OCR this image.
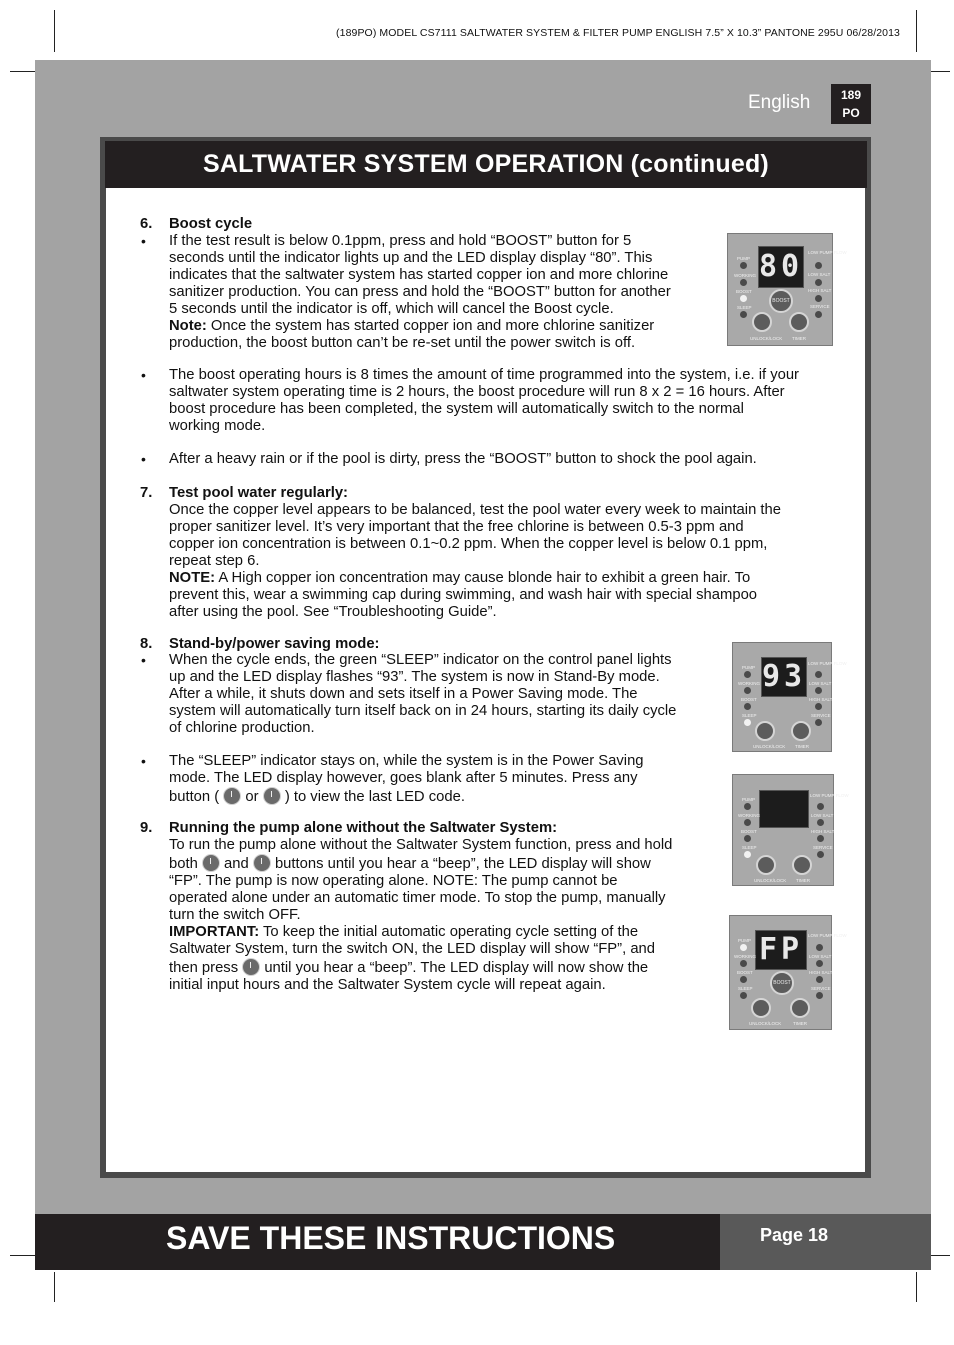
(189PO) MODEL CS7111 SALTWATER SYSTEM & FILTER PUMP ENGLISH 7.5” X 10.3” PANTONE 295U 06/28/2013
English	189
PO
SALTWATER SYSTEM OPERATION (continued)
6. Boost cycle
• If the test result is below 0.1ppm, press and hold “BOOST” button for 5
seconds until the indicator lights up and the LED display display “80”. This
indicates that the saltwater system has started copper ion and more chlorine
sanitizer production. You can press and hold the “BOOST” button for another
5 seconds until the indicator is off, which will cancel the Boost cycle.
Note: Once the system has started copper ion and more chlorine sanitizer
production, the boost button can’t be re-set until the power switch is off.
• The boost operating hours is 8 times the amount of time programmed into the system, i.e. if your
saltwater system operating time is 2 hours, the boost procedure will run 8 x 2 = 16 hours. After
boost procedure has been completed, the system will automatically switch to the normal
working mode.
• After a heavy rain or if the pool is dirty, press the “BOOST” button to shock the pool again.
7. Test pool water regularly:
Once the copper level appears to be balanced, test the pool water every week to maintain the
proper sanitizer level. It’s very important that the free chlorine is between 0.5-3 ppm and
copper ion concentration is between 0.1~0.2 ppm. When the copper level is below 0.1 ppm,
repeat step 6.
NOTE: A High copper ion concentration may cause blonde hair to exhibit a green hair. To
prevent this, wear a swimming cap during swimming, and wash hair with special shampoo
after using the pool. See “Troubleshooting Guide”.
8. Stand-by/power saving mode:
• When the cycle ends, the green “SLEEP” indicator on the control panel lights
up and the LED display flashes “93”. The system is now in Stand-By mode.
After a while, it shuts down and sets itself in a Power Saving mode. The
system will automatically turn itself back on in 24 hours, starting its daily cycle
of chlorine production.
• The “SLEEP” indicator stays on, while the system is in the Power Saving
mode. The LED display however, goes blank after 5 minutes. Press any
button (  or  ) to view the last LED code.
9. Running the pump alone without the Saltwater System:
To run the pump alone without the Saltwater System function, press and hold
both  and  buttons until you hear a “beep”, the LED display will show
“FP”. The pump is now operating alone. NOTE: The pump cannot be
operated alone under an automatic timer mode. To stop the pump, manually
turn the switch OFF.
IMPORTANT: To keep the initial automatic operating cycle setting of the
Saltwater System, turn the switch ON, the LED display will show “FP”, and
then press  until you hear a “beep”. The LED display will now show the
initial input hours and the Saltwater System cycle will repeat again.
80
PUMP
WORKING
BOOST
SLEEP
LOW PUMP FLOW
LOW SALT
HIGH SALT
SERVICE
BOOST
UNLOCK/LOCK TIMER
93
PUMP
WORKING
BOOST
SLEEP
LOW PUMP FLOW
LOW SALT
HIGH SALT
SERVICE
UNLOCK/LOCK TIMER
PUMP
WORKING
BOOST
SLEEP
LOW PUMP FLOW
LOW SALT
HIGH SALT
SERVICE
UNLOCK/LOCK TIMER
FP
PUMP
WORKING
BOOST
SLEEP
LOW PUMP FLOW
LOW SALT
HIGH SALT
SERVICE
BOOST
UNLOCK/LOCK	TIMER
SAVE THESE INSTRUCTIONS	Page 18
